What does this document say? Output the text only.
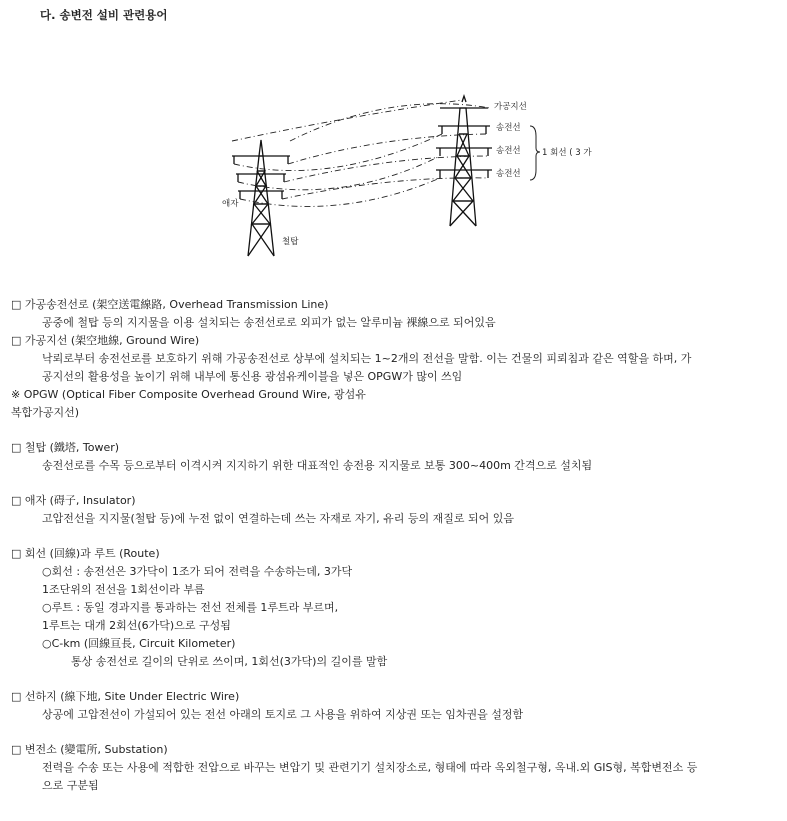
다. 송변전 설비 관련용어
가공지선
송전선
송전선
송전선
1 회선 ( 3 가
애자
철탑
□ 가공송전선로 (架空送電線路, Overhead Transmission Line)
공중에 철탑 등의 지지물을 이용 설치되는 송전선로로 외피가 없는 알루미늄 裸線으로 되어있음
□ 가공지선 (架空地線, Ground Wire)
낙뢰로부터 송전선로를 보호하기 위해 가공송전선로 상부에 설치되는 1~2개의 전선을 말함. 이는 건물의 피뢰침과 같은 역할을 하며, 가
공지선의 활용성을 높이기 위해 내부에 통신용 광섬유케이블을 넣은 OPGW가 많이 쓰임
※ OPGW (Optical Fiber Composite Overhead Ground Wire, 광섬유
복합가공지선)
□ 철탑 (鐵塔, Tower)
송전선로를 수목 등으로부터 이격시켜 지지하기 위한 대표적인 송전용 지지물로 보통 300~400m 간격으로 설치됨
□ 애자 (碍子, Insulator)
고압전선을 지지물(철탑 등)에 누전 없이 연결하는데 쓰는 자재로 자기, 유리 등의 재질로 되어 있음
□ 회선 (回線)과 루트 (Route)
○회선 : 송전선은 3가닥이 1조가 되어 전력을 수송하는데, 3가닥
1조단위의 전선을 1회선이라 부름
○루트 : 동일 경과지를 통과하는 전선 전체를 1루트라 부르며,
1루트는 대개 2회선(6가닥)으로 구성됨
○C-km (回線亘長, Circuit Kilometer)
통상 송전선로 길이의 단위로 쓰이며, 1회선(3가닥)의 길이를 말함
□ 선하지 (線下地, Site Under Electric Wire)
상공에 고압전선이 가설되어 있는 전선 아래의 토지로 그 사용을 위하여 지상권 또는 임차권을 설정함
□ 변전소 (變電所, Substation)
전력을 수송 또는 사용에 적합한 전압으로 바꾸는 변압기 및 관련기기 설치장소로, 형태에 따라 옥외철구형, 옥내.외 GIS형, 복합변전소 등
으로 구분됨
